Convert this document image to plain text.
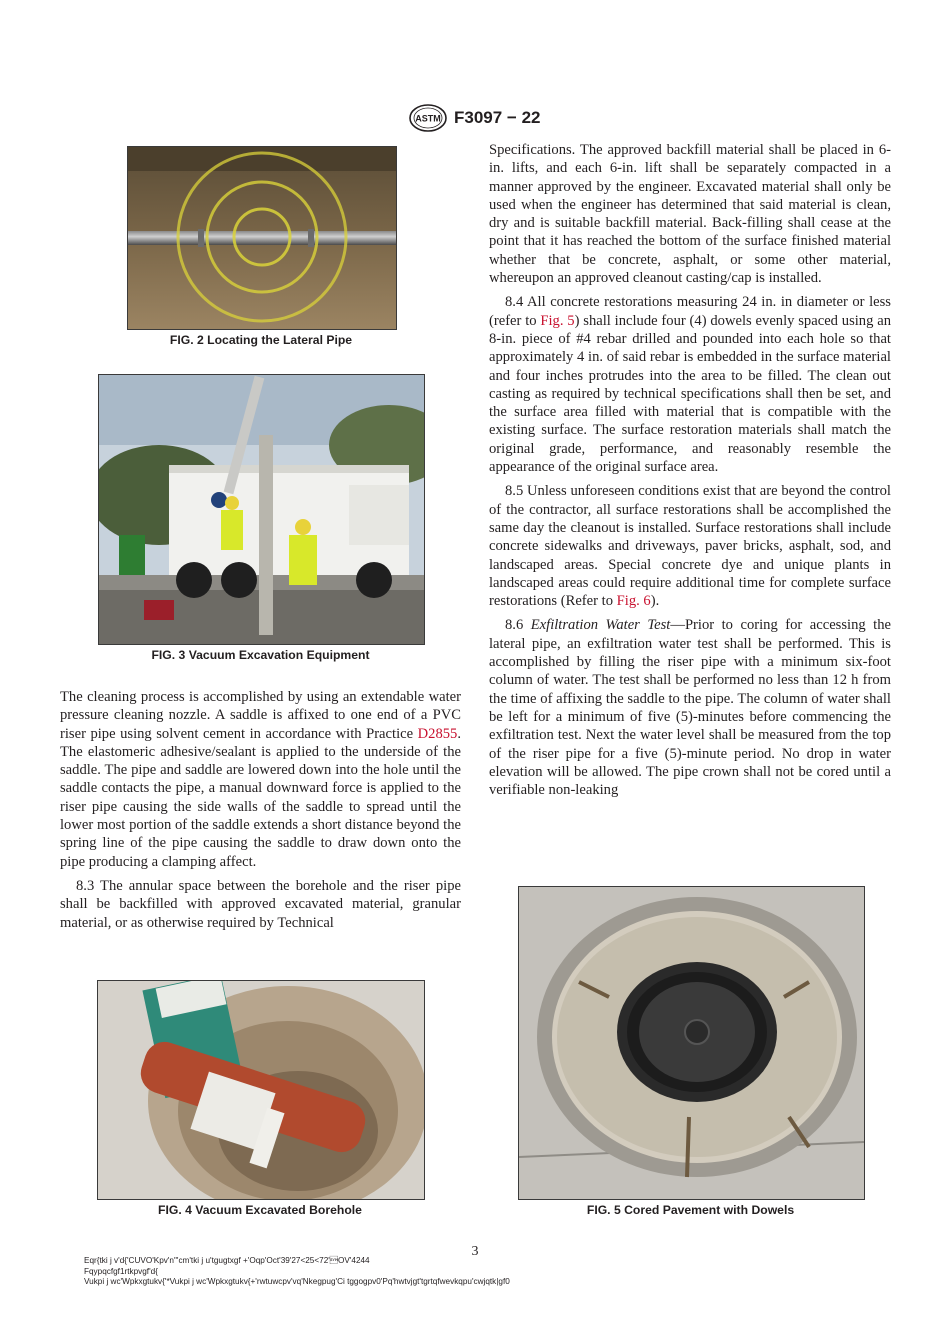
ASTM F3097 − 22
FIG. 2 Locating the Lateral Pipe
FIG. 3 Vacuum Excavation Equipment

The cleaning process is accomplished by using an extendable water pressure cleaning nozzle. A saddle is affixed to one end of a PVC riser pipe using solvent cement in accordance with Practice D2855. The elastomeric adhesive/sealant is applied to the underside of the saddle. The pipe and saddle are lowered down into the hole until the saddle contacts the pipe, a manual downward force is applied to the riser pipe causing the side walls of the saddle to spread until the lower most portion of the saddle extends a short distance beyond the spring line of the pipe causing the saddle to draw down onto the pipe producing a clamping affect.

8.3 The annular space between the borehole and the riser pipe shall be backfilled with approved excavated material, granular material, or as otherwise required by Technical

Specifications. The approved backfill material shall be placed in 6-in. lifts, and each 6-in. lift shall be separately compacted in a manner approved by the engineer. Excavated material shall only be used when the engineer has determined that said material is clean, dry and is suitable backfill material. Back-filling shall cease at the point that it has reached the bottom of the surface finished material whether that be concrete, asphalt, or some other material, whereupon an approved cleanout casting/cap is installed.

8.4 All concrete restorations measuring 24 in. in diameter or less (refer to Fig. 5) shall include four (4) dowels evenly spaced using an 8-in. piece of #4 rebar drilled and pounded into each hole so that approximately 4 in. of said rebar is embedded in the surface material and four inches protrudes into the area to be filled. The clean out casting as required by technical specifications shall then be set, and the surface area filled with material that is compatible with the existing surface. The surface restoration materials shall match the original grade, performance, and reasonably resemble the appearance of the original surface area.

8.5 Unless unforeseen conditions exist that are beyond the control of the contractor, all surface restorations shall be accomplished the same day the cleanout is installed. Surface restorations shall include concrete sidewalks and driveways, paver bricks, asphalt, sod, and landscaped areas. Special concrete dye and unique plants in landscaped areas could require additional time for complete surface restorations (Refer to Fig. 6).

8.6 Exfiltration Water Test—Prior to coring for accessing the lateral pipe, an exfiltration water test shall be performed. This is accomplished by filling the riser pipe with a minimum six-foot column of water. The test shall be performed no less than 12 h from the time of affixing the saddle to the pipe. The column of water shall be left for a minimum of five (5)-minutes before commencing the exfiltration test. Next the water level shall be measured from the top of the riser pipe for a five (5)-minute period. No drop in water elevation will be allowed. The pipe crown shall not be cored until a verifiable non-leaking

FIG. 4 Vacuum Excavated Borehole	FIG. 5 Cored Pavement with Dowels
3
Eqr{tki j v'd{'CUVO'Kpv'n'"cm'tki j u'tgugtxgf +'Oqp'Oct'39'27<25<72'OV'4244
Fqypqcfgf1rtkpvgf'd{
Vukpi j wc'Wpkxgtukv{'*Vukpi j wc'Wpkxgtukv{+'rwtuwcpv'vq'Nkegpug'Ci tggogpv0'Pq'hwtvjgt'tgrtqfwevkqpu'cwjqtk|gf0
